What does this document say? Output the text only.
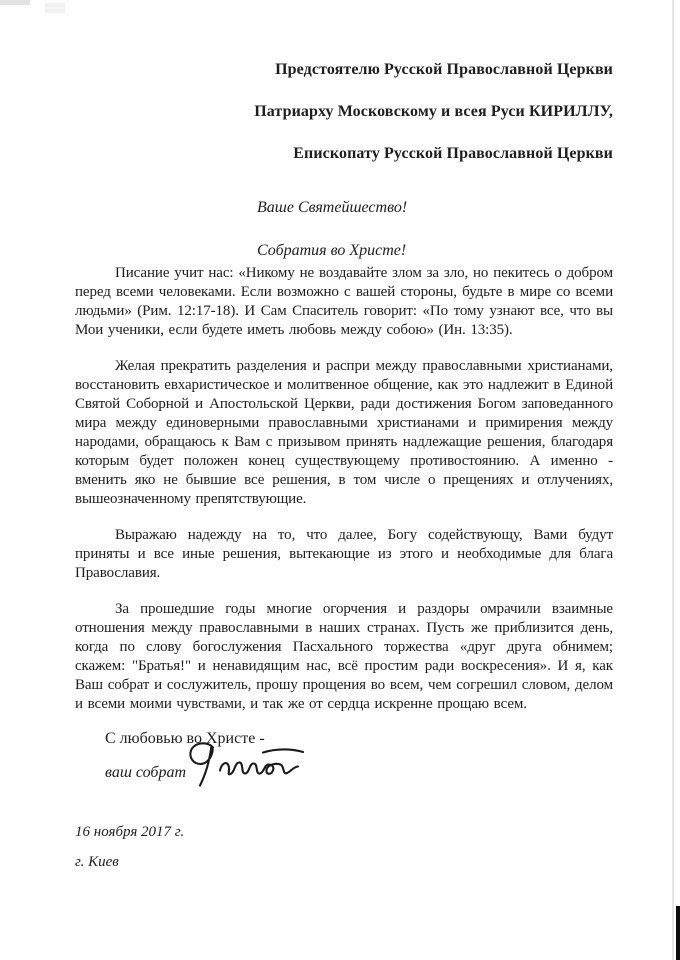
Предстоятелю Русской Православной Церкви
Патриарху Московскому и всея Руси КИРИЛЛУ,
Епископату Русской Православной Церкви
Ваше Святейшество!
Собратия во Христе!

Писание учит нас: «Никому не воздавайте злом за зло, но пекитесь о добром перед всеми человеками. Если возможно с вашей стороны, будьте в мире со всеми людьми» (Рим. 12:17-18). И Сам Спаситель говорит: «По тому узнают все, что вы Мои ученики, если будете иметь любовь между собою» (Ин. 13:35).

Желая прекратить разделения и распри между православными христианами, восстановить евхаристическое и молитвенное общение, как это надлежит в Единой Святой Соборной и Апостольской Церкви, ради достижения Богом заповеданного мира между единоверными православными христианами и примирения между народами, обращаюсь к Вам с призывом принять надлежащие решения, благодаря которым будет положен конец существующему противостоянию. А именно - вменить яко не бывшие все решения, в том числе о прещениях и отлучениях, вышеозначенному препятствующие.

Выражаю надежду на то, что далее, Богу содействующу, Вами будут приняты и все иные решения, вытекающие из этого и необходимые для блага Православия.

За прошедшие годы многие огорчения и раздоры омрачили взаимные отношения между православными в наших странах. Пусть же приблизится день, когда по слову богослужения Пасхального торжества «друг друга обнимем; скажем: "Братья!" и ненавидящим нас, всё простим ради воскресения». И я, как Ваш собрат и сослужитель, прошу прощения во всем, чем согрешил словом, делом и всеми моими чувствами, и так же от сердца искренне прощаю всем.

С любовью во Христе -
ваш собрат
16 ноября 2017 г.
г. Киев
